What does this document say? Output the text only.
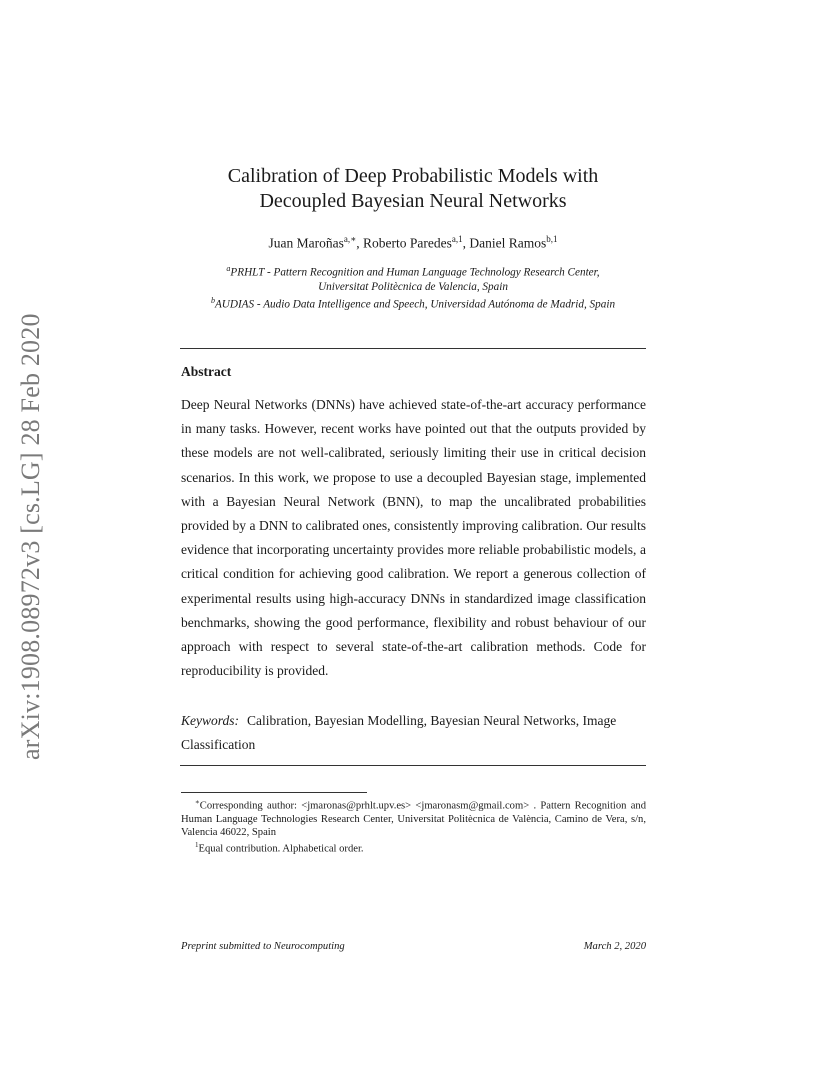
arXiv:1908.08972v3 [cs.LG] 28 Feb 2020
Calibration of Deep Probabilistic Models with
Decoupled Bayesian Neural Networks
Juan Maroñas$^{a,∗}$, Roberto Paredes$^{a,1}$, Daniel Ramos$^{b,1}$
$^a$PRHLT - Pattern Recognition and Human Language Technology Research Center,
Universitat Politècnica de Valencia, Spain
$^b$AUDIAS - Audio Data Intelligence and Speech, Universidad Autónoma de Madrid, Spain
Abstract
Deep Neural Networks (DNNs) have achieved state-of-the-art accuracy performance in many tasks. However, recent works have pointed out that the outputs provided by these models are not well-calibrated, seriously limiting their use in critical decision scenarios. In this work, we propose to use a decoupled Bayesian stage, implemented with a Bayesian Neural Network (BNN), to map the uncalibrated probabilities provided by a DNN to calibrated ones, consistently improving calibration. Our results evidence that incorporating uncertainty provides more reliable probabilistic models, a critical condition for achieving good calibration. We report a generous collection of experimental results using high-accuracy DNNs in standardized image classification benchmarks, showing the good performance, flexibility and robust behaviour of our approach with respect to several state-of-the-art calibration methods. Code for reproducibility is provided.
Keywords: Calibration, Bayesian Modelling, Bayesian Neural Networks, Image Classification

∗Corresponding author: <jmaronas@prhlt.upv.es> <jmaronasm@gmail.com> . Pattern Recognition and Human Language Technologies Research Center, Universitat Politècnica de València, Camino de Vera, s/n, Valencia 46022, Spain

$^1$Equal contribution. Alphabetical order.

Preprint submitted to Neurocomputing	March 2, 2020
